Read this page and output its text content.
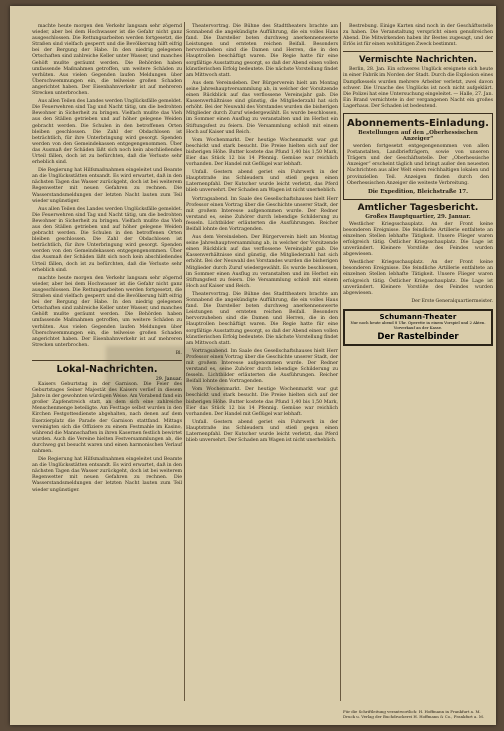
machte heute morgen den Verkehr langsam sehr zögernd wieder, aber bei dem Hochwasser ist die Gefahr nicht ganz ausgeschlossen. Die Rettungsarbeiten werden fortgesetzt, die Straßen sind vielfach gesperrt und die Bevölkerung hilft eifrig bei der Bergung der Habe. In den niedrig gelegenen Ortschaften sind zahlreiche Keller unter Wasser, und manches Gehöft mußte geräumt werden. Die Behörden haben umfassende Maßnahmen getroffen, um weitere Schäden zu verhüten. Aus vielen Gegenden laufen Meldungen über Überschwemmungen ein, die teilweise großen Schaden angerichtet haben. Der Eisenbahnverkehr ist auf mehreren Strecken unterbrochen.

Aus allen Teilen des Landes werden Unglücksfälle gemeldet. Die Feuerwehren sind Tag und Nacht tätig, um die bedrohten Bewohner in Sicherheit zu bringen. Vielfach mußte das Vieh aus den Ställen getrieben und auf höher gelegene Weiden gebracht werden. Die Schulen in den betroffenen Orten bleiben geschlossen. Die Zahl der Obdachlosen ist beträchtlich, für ihre Unterbringung wird gesorgt. Spenden werden von den Gemeindekassen entgegengenommen. Über das Ausmaß der Schäden läßt sich noch kein abschließendes Urteil fällen, doch ist zu befürchten, daß die Verluste sehr erheblich sind.

Die Regierung hat Hilfsmaßnahmen eingeleitet und Beamte an die Unglücksstätten entsandt. Es wird erwartet, daß in den nächsten Tagen das Wasser zurückgeht, doch ist bei weiterem Regenwetter mit neuen Gefahren zu rechnen. Die Wasserstandsmeldungen der letzten Nacht lauten zum Teil wieder ungünstiger.

Aus allen Teilen des Landes werden Unglücksfälle gemeldet. Die Feuerwehren sind Tag und Nacht tätig, um die bedrohten Bewohner in Sicherheit zu bringen. Vielfach mußte das Vieh aus den Ställen getrieben und auf höher gelegene Weiden gebracht werden. Die Schulen in den betroffenen Orten bleiben geschlossen. Die Zahl der Obdachlosen ist beträchtlich, für ihre Unterbringung wird gesorgt. Spenden werden von den Gemeindekassen entgegengenommen. Über das Ausmaß der Schäden läßt sich noch kein abschließendes Urteil fällen, doch ist zu befürchten, daß die Verluste sehr erheblich sind.

machte heute morgen den Verkehr langsam sehr zögernd wieder, aber bei dem Hochwasser ist die Gefahr nicht ganz ausgeschlossen. Die Rettungsarbeiten werden fortgesetzt, die Straßen sind vielfach gesperrt und die Bevölkerung hilft eifrig bei der Bergung der Habe. In den niedrig gelegenen Ortschaften sind zahlreiche Keller unter Wasser, und manches Gehöft mußte geräumt werden. Die Behörden haben umfassende Maßnahmen getroffen, um weitere Schäden zu verhüten. Aus vielen Gegenden laufen Meldungen über Überschwemmungen ein, die teilweise großen Schaden angerichtet haben. Der Eisenbahnverkehr ist auf mehreren Strecken unterbrochen.

Bl.
Lokal-Nachrichten.
29. Januar.

Kaisers Geburtstag in der Garnison. Die Feier des Geburtstages Seiner Majestät des Kaisers verlief in diesem Jahre in der gewohnten würdigen Weise. Am Vorabend fand ein großer Zapfenstreich statt, an dem sich eine zahlreiche Menschenmenge beteiligte. Am Festtage selbst wurden in den Kirchen Festgottesdienste abgehalten, nach denen auf dem Exerzierplatz die Parade der Garnison stattfand. Mittags vereinigten sich die Offiziere zu einem Festmahle im Kasino, während die Mannschaften in ihren Kasernen festlich bewirtet wurden. Auch die Vereine hielten Festversammlungen ab, die durchweg gut besucht waren und einen harmonischen Verlauf nahmen.

Die Regierung hat Hilfsmaßnahmen eingeleitet und Beamte an die Unglücksstätten entsandt. Es wird erwartet, daß in den nächsten Tagen das Wasser zurückgeht, doch ist bei weiterem Regenwetter mit neuen Gefahren zu rechnen. Die Wasserstandsmeldungen der letzten Nacht lauten zum Teil wieder ungünstiger.

Theatervortrag. Die Bühne des Stadttheaters brachte am Sonnabend die angekündigte Aufführung, die ein volles Haus fand. Die Darsteller boten durchweg anerkennenswerte Leistungen und ernteten reichen Beifall. Besonders hervorzuheben sind die Damen und Herren, die in den Hauptrollen beschäftigt waren. Die Regie hatte für eine sorgfältige Ausstattung gesorgt, so daß der Abend einen vollen künstlerischen Erfolg bedeutete. Die nächste Vorstellung findet am Mittwoch statt.

Aus dem Vereinsleben. Der Bürgerverein hielt am Montag seine Jahreshauptversammlung ab, in welcher der Vorsitzende einen Rückblick auf das verflossene Vereinsjahr gab. Die Kassenverhältnisse sind günstig, die Mitgliederzahl hat sich erhöht. Bei der Neuwahl des Vorstandes wurden die bisherigen Mitglieder durch Zuruf wiedergewählt. Es wurde beschlossen, im Sommer einen Ausflug zu veranstalten und im Herbst ein Stiftungsfest zu feiern. Die Versammlung schloß mit einem Hoch auf Kaiser und Reich.

Vom Wochenmarkt. Der heutige Wochenmarkt war gut beschickt und stark besucht. Die Preise hielten sich auf der bisherigen Höhe. Butter kostete das Pfund 1,40 bis 1,50 Mark, Eier das Stück 12 bis 14 Pfennig. Gemüse war reichlich vorhanden. Der Handel mit Geflügel war lebhaft.

Unfall. Gestern abend geriet ein Fuhrwerk in der Hauptstraße ins Schleudern und stieß gegen einen Laternenpfahl. Der Kutscher wurde leicht verletzt, das Pferd blieb unversehrt. Der Schaden am Wagen ist nicht unerheblich.

Vortragsabend. Im Saale des Gesellschaftshauses hielt Herr Professor einen Vortrag über die Geschichte unserer Stadt, der mit großem Interesse aufgenommen wurde. Der Redner verstand es, seine Zuhörer durch lebendige Schilderung zu fesseln. Lichtbilder erläuterten die Ausführungen. Reicher Beifall lohnte den Vortragenden.

Aus dem Vereinsleben. Der Bürgerverein hielt am Montag seine Jahreshauptversammlung ab, in welcher der Vorsitzende einen Rückblick auf das verflossene Vereinsjahr gab. Die Kassenverhältnisse sind günstig, die Mitgliederzahl hat sich erhöht. Bei der Neuwahl des Vorstandes wurden die bisherigen Mitglieder durch Zuruf wiedergewählt. Es wurde beschlossen, im Sommer einen Ausflug zu veranstalten und im Herbst ein Stiftungsfest zu feiern. Die Versammlung schloß mit einem Hoch auf Kaiser und Reich.

Theatervortrag. Die Bühne des Stadttheaters brachte am Sonnabend die angekündigte Aufführung, die ein volles Haus fand. Die Darsteller boten durchweg anerkennenswerte Leistungen und ernteten reichen Beifall. Besonders hervorzuheben sind die Damen und Herren, die in den Hauptrollen beschäftigt waren. Die Regie hatte für eine sorgfältige Ausstattung gesorgt, so daß der Abend einen vollen künstlerischen Erfolg bedeutete. Die nächste Vorstellung findet am Mittwoch statt.

Vortragsabend. Im Saale des Gesellschaftshauses hielt Herr Professor einen Vortrag über die Geschichte unserer Stadt, der mit großem Interesse aufgenommen wurde. Der Redner verstand es, seine Zuhörer durch lebendige Schilderung zu fesseln. Lichtbilder erläuterten die Ausführungen. Reicher Beifall lohnte den Vortragenden.

Vom Wochenmarkt. Der heutige Wochenmarkt war gut beschickt und stark besucht. Die Preise hielten sich auf der bisherigen Höhe. Butter kostete das Pfund 1,40 bis 1,50 Mark, Eier das Stück 12 bis 14 Pfennig. Gemüse war reichlich vorhanden. Der Handel mit Geflügel war lebhaft.

Unfall. Gestern abend geriet ein Fuhrwerk in der Hauptstraße ins Schleudern und stieß gegen einen Laternenpfahl. Der Kutscher wurde leicht verletzt, das Pferd blieb unversehrt. Der Schaden am Wagen ist nicht unerheblich.

Bestrebung. Einige Karten sind noch in der Geschäftsstelle zu haben. Die Veranstaltung verspricht einen genußreichen Abend. Die Mitwirkenden haben ihr Bestes zugesagt, und der Erlös ist für einen wohltätigen Zweck bestimmt.

Vermischte Nachrichten.

Berlin, 28. Jan. Ein schweres Unglück ereignete sich heute in einer Fabrik im Norden der Stadt. Durch die Explosion eines Dampfkessels wurden mehrere Arbeiter verletzt, zwei davon schwer. Die Ursache des Unglücks ist noch nicht aufgeklärt. Die Polizei hat eine Untersuchung eingeleitet. — Halle, 27. Jan. Ein Brand vernichtete in der vergangenen Nacht ein großes Lagerhaus. Der Schaden ist bedeutend.

Abonnements-Einladung.
Bestellungen auf den „Oberhessischen Anzeiger“

werden fortgesetzt entgegengenommen von allen Postanstalten, Landbriefträgern, sowie von unseren Trägern und der Geschäftsstelle. Der „Oberhessische Anzeiger“ erscheint täglich und bringt außer den neuesten Nachrichten aus aller Welt einen reichhaltigen lokalen und provinziellen Teil. Anzeigen finden durch den Oberhessischen Anzeiger die weiteste Verbreitung.

Die Expedition, Bleichstraße 17.
Amtlicher Tagesbericht.
Großes Hauptquartier, 29. Januar.

Westlicher Kriegsschauplatz. An der Front keine besonderen Ereignisse. Die feindliche Artillerie entfaltete an einzelnen Stellen lebhafte Tätigkeit. Unsere Flieger waren erfolgreich tätig. Östlicher Kriegsschauplatz. Die Lage ist unverändert. Kleinere Vorstöße des Feindes wurden abgewiesen.

Westlicher Kriegsschauplatz. An der Front keine besonderen Ereignisse. Die feindliche Artillerie entfaltete an einzelnen Stellen lebhafte Tätigkeit. Unsere Flieger waren erfolgreich tätig. Östlicher Kriegsschauplatz. Die Lage ist unverändert. Kleinere Vorstöße des Feindes wurden abgewiesen.

Der Erste Generalquartiermeister.
Schumann-Theater
Nur noch heute abend 8 Uhr. Operette in einem Vorspiel und 2 Akten. Vorverkauf an der Kasse.
Der Rastelbinder
Für die Schriftleitung verantwortlich: H. Hoffmann in Frankfurt a. M. Druck u. Verlag der Buchdruckerei H. Hoffmann & Co., Frankfurt a. M.
